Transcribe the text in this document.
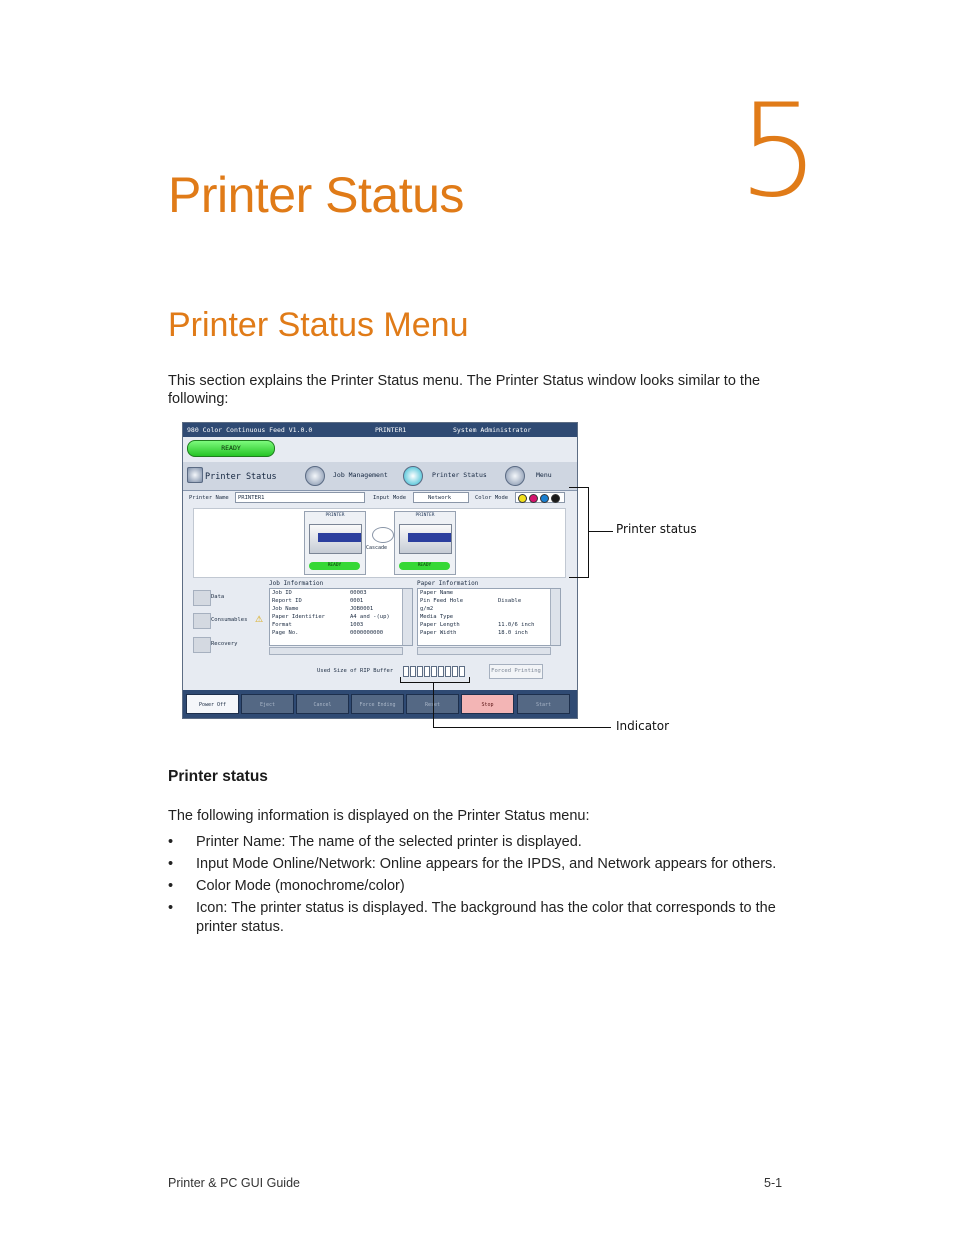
5
Printer Status
Printer Status Menu
This section explains the Printer Status menu. The Printer Status window looks similar to the following:
980 Color Continuous Feed V1.0.0	PRINTER1	System Administrator
READY
Printer Status	Job Management	Printer Status	Menu
Printer Name PRINTER1	Input Mode	Network	Color Mode
PRINTER
READY
Cascade
PRINTER
READY
Data
Consumables ⚠
Recovery
Job Information
Job ID	00003
Report ID	0001
Job Name	JOB0001
Paper Identifier	A4 and -(up)
Format	1003
Page No.	0000000000
Paper Information
Paper Name
Pin Feed Hole	Disable
g/m2
Media Type
Paper Length	11.0/6 inch
Paper Width	18.0 inch
Used Size of RIP Buffer	Forced Printing
Power Off	Eject	Cancel	Force Ending	Reset	Stop	Start
Printer status
Indicator
Printer status
The following information is displayed on the Printer Status menu:
• Printer Name: The name of the selected printer is displayed.
• Input Mode Online/Network: Online appears for the IPDS, and Network appears for others.
• Color Mode (monochrome/color)
• Icon: The printer status is displayed. The background has the color that corresponds to the printer status.
Printer & PC GUI Guide	5-1
